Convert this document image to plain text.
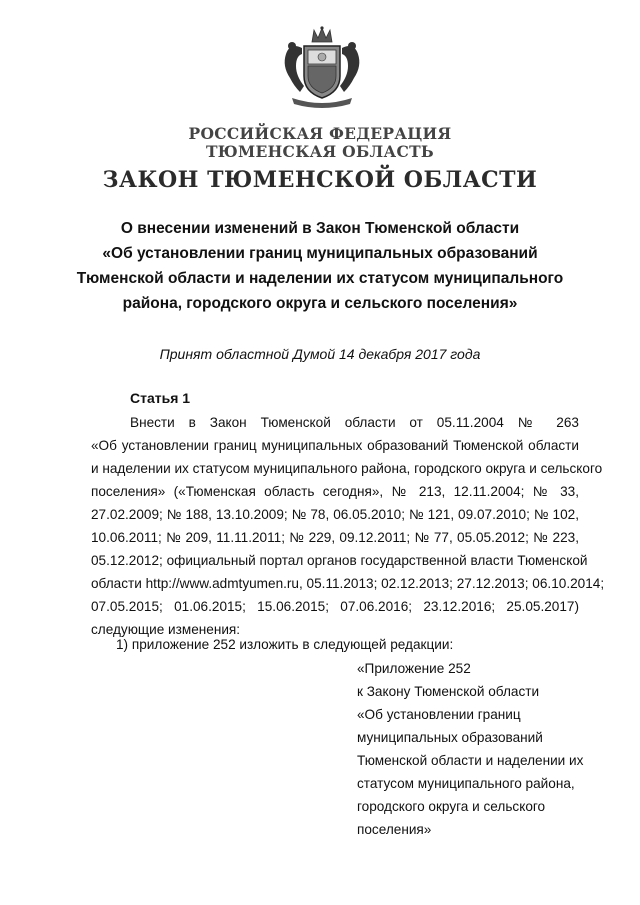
РОССИЙСКАЯ ФЕДЕРАЦИЯ
ТЮМЕНСКАЯ ОБЛАСТЬ
ЗАКОН ТЮМЕНСКОЙ ОБЛАСТИ
О внесении изменений в Закон Тюменской области
«Об установлении границ муниципальных образований
Тюменской области и наделении их статусом муниципального
района, городского округа и сельского поселения»
Принят областной Думой 14 декабря 2017 года
Статья 1
Внести в Закон Тюменской области от 05.11.2004 № 263
«Об установлении границ муниципальных образований Тюменской области
и наделении их статусом муниципального района, городского округа и сельского
поселения» («Тюменская область сегодня», № 213, 12.11.2004; № 33,
27.02.2009; № 188, 13.10.2009; № 78, 06.05.2010; № 121, 09.07.2010; № 102,
10.06.2011; № 209, 11.11.2011; № 229, 09.12.2011; № 77, 05.05.2012; № 223,
05.12.2012; официальный портал органов государственной власти Тюменской
области http://www.admtyumen.ru, 05.11.2013; 02.12.2013; 27.12.2013; 06.10.2014;
07.05.2015; 01.06.2015; 15.06.2015; 07.06.2016; 23.12.2016; 25.05.2017)
следующие изменения:
1) приложение 252 изложить в следующей редакции:
«Приложение 252
к Закону Тюменской области
«Об установлении границ
муниципальных образований
Тюменской области и наделении их
статусом муниципального района,
городского округа и сельского
поселения»
